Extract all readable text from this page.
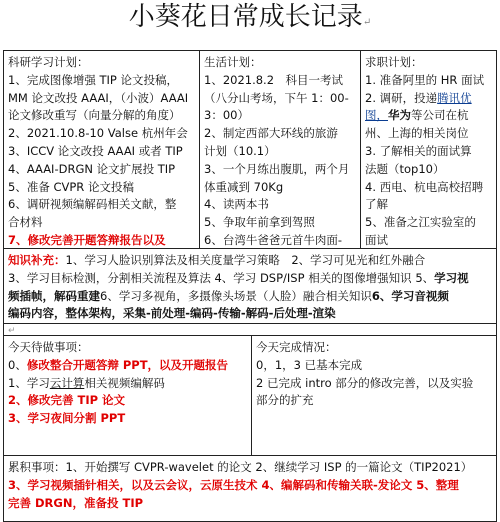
小葵花日常成长记录↵
科研学习计划：
1、完成图像增强 TIP 论文投稿，
MM 论文改投 AAAI，（小波）AAAI
论文修改重写（向量分解的角度）
2、2021.10.8-10 Valse 杭州年会
3、ICCV 论文改投 AAAI 或者 TIP
4、AAAI-DRGN 论文扩展投 TIP
5、准备 CVPR 论文投稿
6、调研视频编解码相关文献，整
合材料
7、修改完善开题答辩报告以及
生活计划：
1、2021.8.2　科目一考试
（八分山考场，下午 1：00-
3：00）
2、制定西部大环线的旅游
计划（10.1）
3、一个月练出腹肌，两个月
体重减到 70Kg
4、读两本书
5、争取年前拿到驾照
6、台湾牛爸爸元首牛肉面-
求职计划：
1. 准备阿里的 HR 面试
2. 调研，投递腾讯优
图，华为等公司在杭
州、上海的相关岗位
3. 了解相关的面试算
法题（top10）
4. 西电、杭电高校招聘
了解
5、准备之江实验室的
面试
知识补充：1、学习人脸识别算法及相关度量学习策略　2、学习可见光和红外融合
3、学习目标检测，分割相关流程及算法 4、学习 DSP/ISP 相关的图像增强知识 5、学习视
频插帧，解码重建6、学习多视角，多摄像头场景（人脸）融合相关知识6、学习音视频
编码内容，整体架构，采集-前处理-编码-传输-解码-后处理-渲染
↵
今天待做事项：
0、修改整合开题答辩 PPT，以及开题报告
1、学习云计算相关视频编解码
2、修改完善 TIP 论文
3、学习夜间分割 PPT
今天完成情况：
0，1，3 已基本完成
2 已完成 intro 部分的修改完善，以及实验
部分的扩充
累积事项：1、开始撰写 CVPR-wavelet 的论文 2、继续学习 ISP 的一篇论文（TIP2021）
3、学习视频插针相关，以及云会议，云原生技术 4、编解码和传输关联-发论文 5、整理
完善 DRGN，准备投 TIP
